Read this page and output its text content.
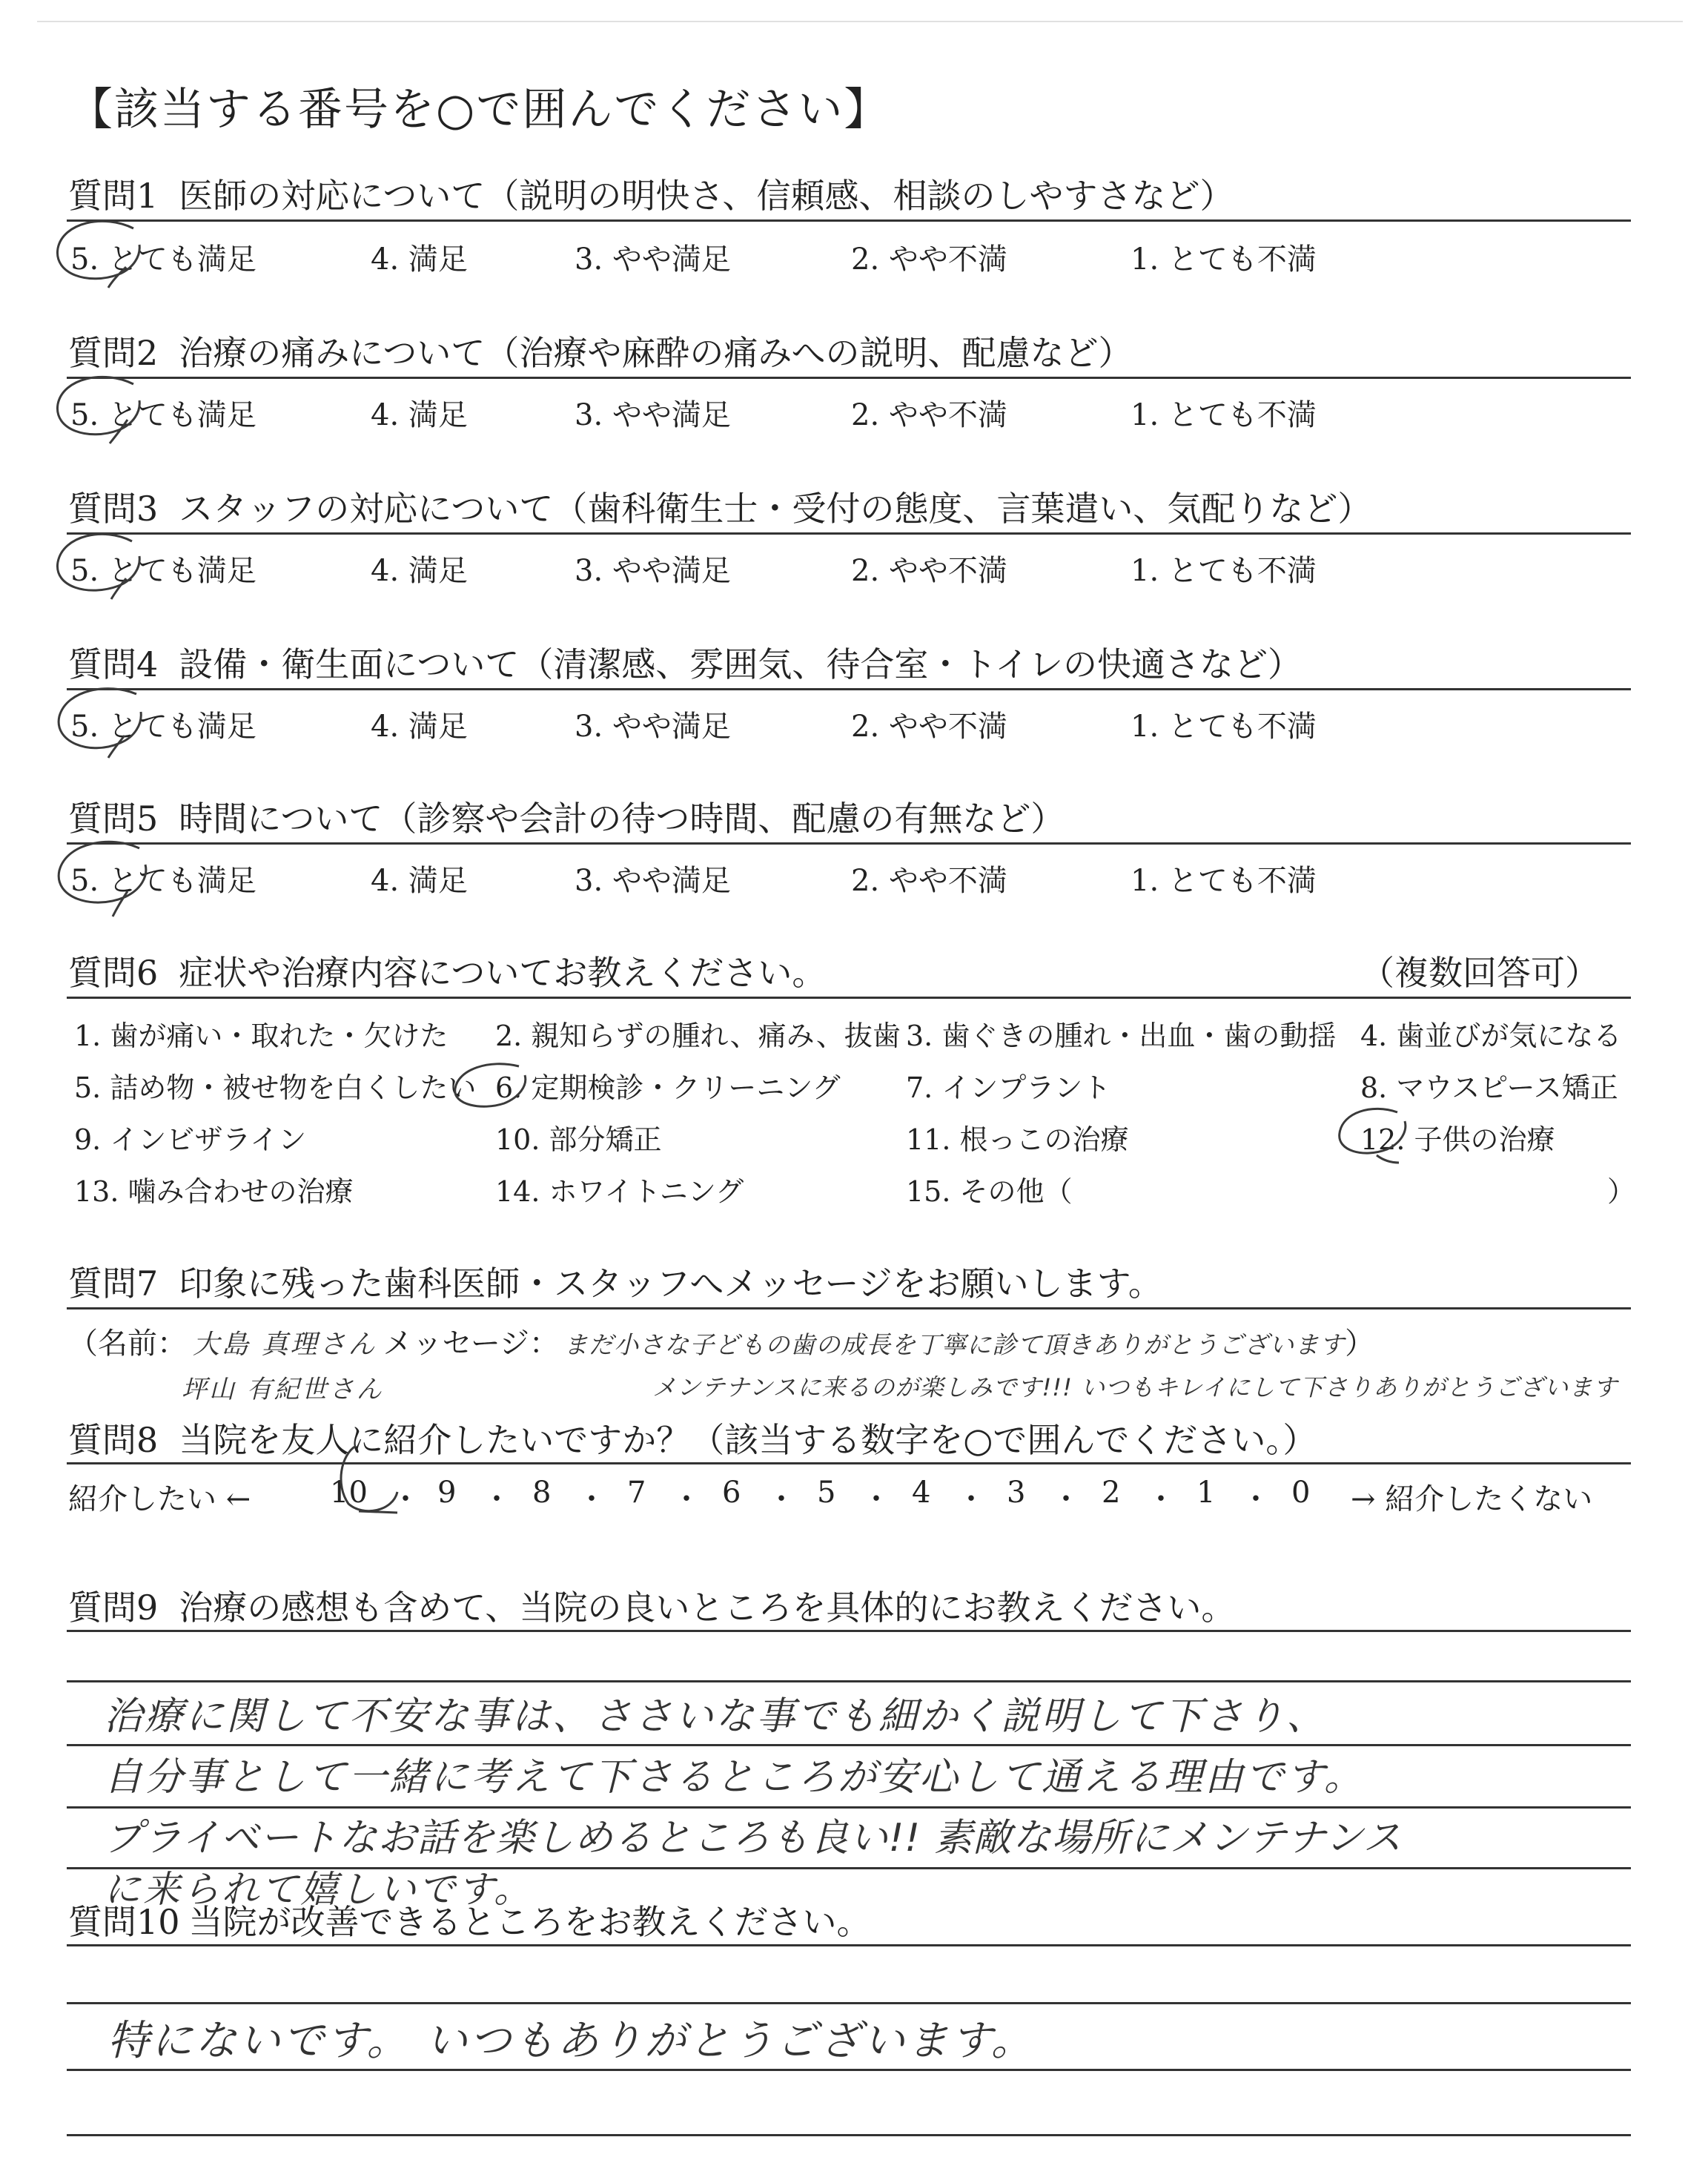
【該当する番号を○で囲んでください】
質問1 医師の対応について（説明の明快さ、信頼感、相談のしやすさなど）
5. とても満足	4. 満足	3. やや満足	2. やや不満	1. とても不満
質問2 治療の痛みについて（治療や麻酔の痛みへの説明、配慮など）
5. とても満足	4. 満足	3. やや満足	2. やや不満	1. とても不満
質問3 スタッフの対応について（歯科衛生士・受付の態度、言葉遣い、気配りなど）
5. とても満足	4. 満足	3. やや満足	2. やや不満	1. とても不満
質問4 設備・衛生面について（清潔感、雰囲気、待合室・トイレの快適さなど）
5. とても満足	4. 満足	3. やや満足	2. やや不満	1. とても不満
質問5 時間について（診察や会計の待つ時間、配慮の有無など）
5. とても満足	4. 満足	3. やや満足	2. やや不満	1. とても不満
質問6 症状や治療内容についてお教えください。	（複数回答可）
1. 歯が痛い・取れた・欠けた 2. 親知らずの腫れ、痛み、抜歯 3. 歯ぐきの腫れ・出血・歯の動揺 4. 歯並びが気になる
5. 詰め物・被せ物を白くしたい 6. 定期検診・クリーニング 7. インプラント	8. マウスピース矯正
9. インビザライン	10. 部分矯正	11. 根っこの治療	12. 子供の治療
13. 噛み合わせの治療	14. ホワイトニング	15. その他（	）
質問7 印象に残った歯科医師・スタッフへメッセージをお願いします。
（名前： 大島 真理さん メッセージ： まだ小さな子どもの歯の成長を丁寧に診て頂きありがとうございます）
坪山 有紀世さん	メンテナンスに来るのが楽しみです!!! いつもキレイにして下さりありがとうございます
質問8 当院を友人に紹介したいですか？（該当する数字を○で囲んでください。）
紹介したい ←	→ 紹介したくない
10 ・ 9 ・ 8 ・ 7 ・ 6 ・ 5 ・ 4 ・ 3 ・ 2 ・ 1 ・ 0
質問9 治療の感想も含めて、当院の良いところを具体的にお教えください。
治療に関して不安な事は、ささいな事でも細かく説明して下さり、
自分事として一緒に考えて下さるところが安心して通える理由です。
プライベートなお話を楽しめるところも良い!! 素敵な場所にメンテナンス
に来られて嬉しいです。
質問10 当院が改善できるところをお教えください。
特にないです。 いつもありがとうございます。
